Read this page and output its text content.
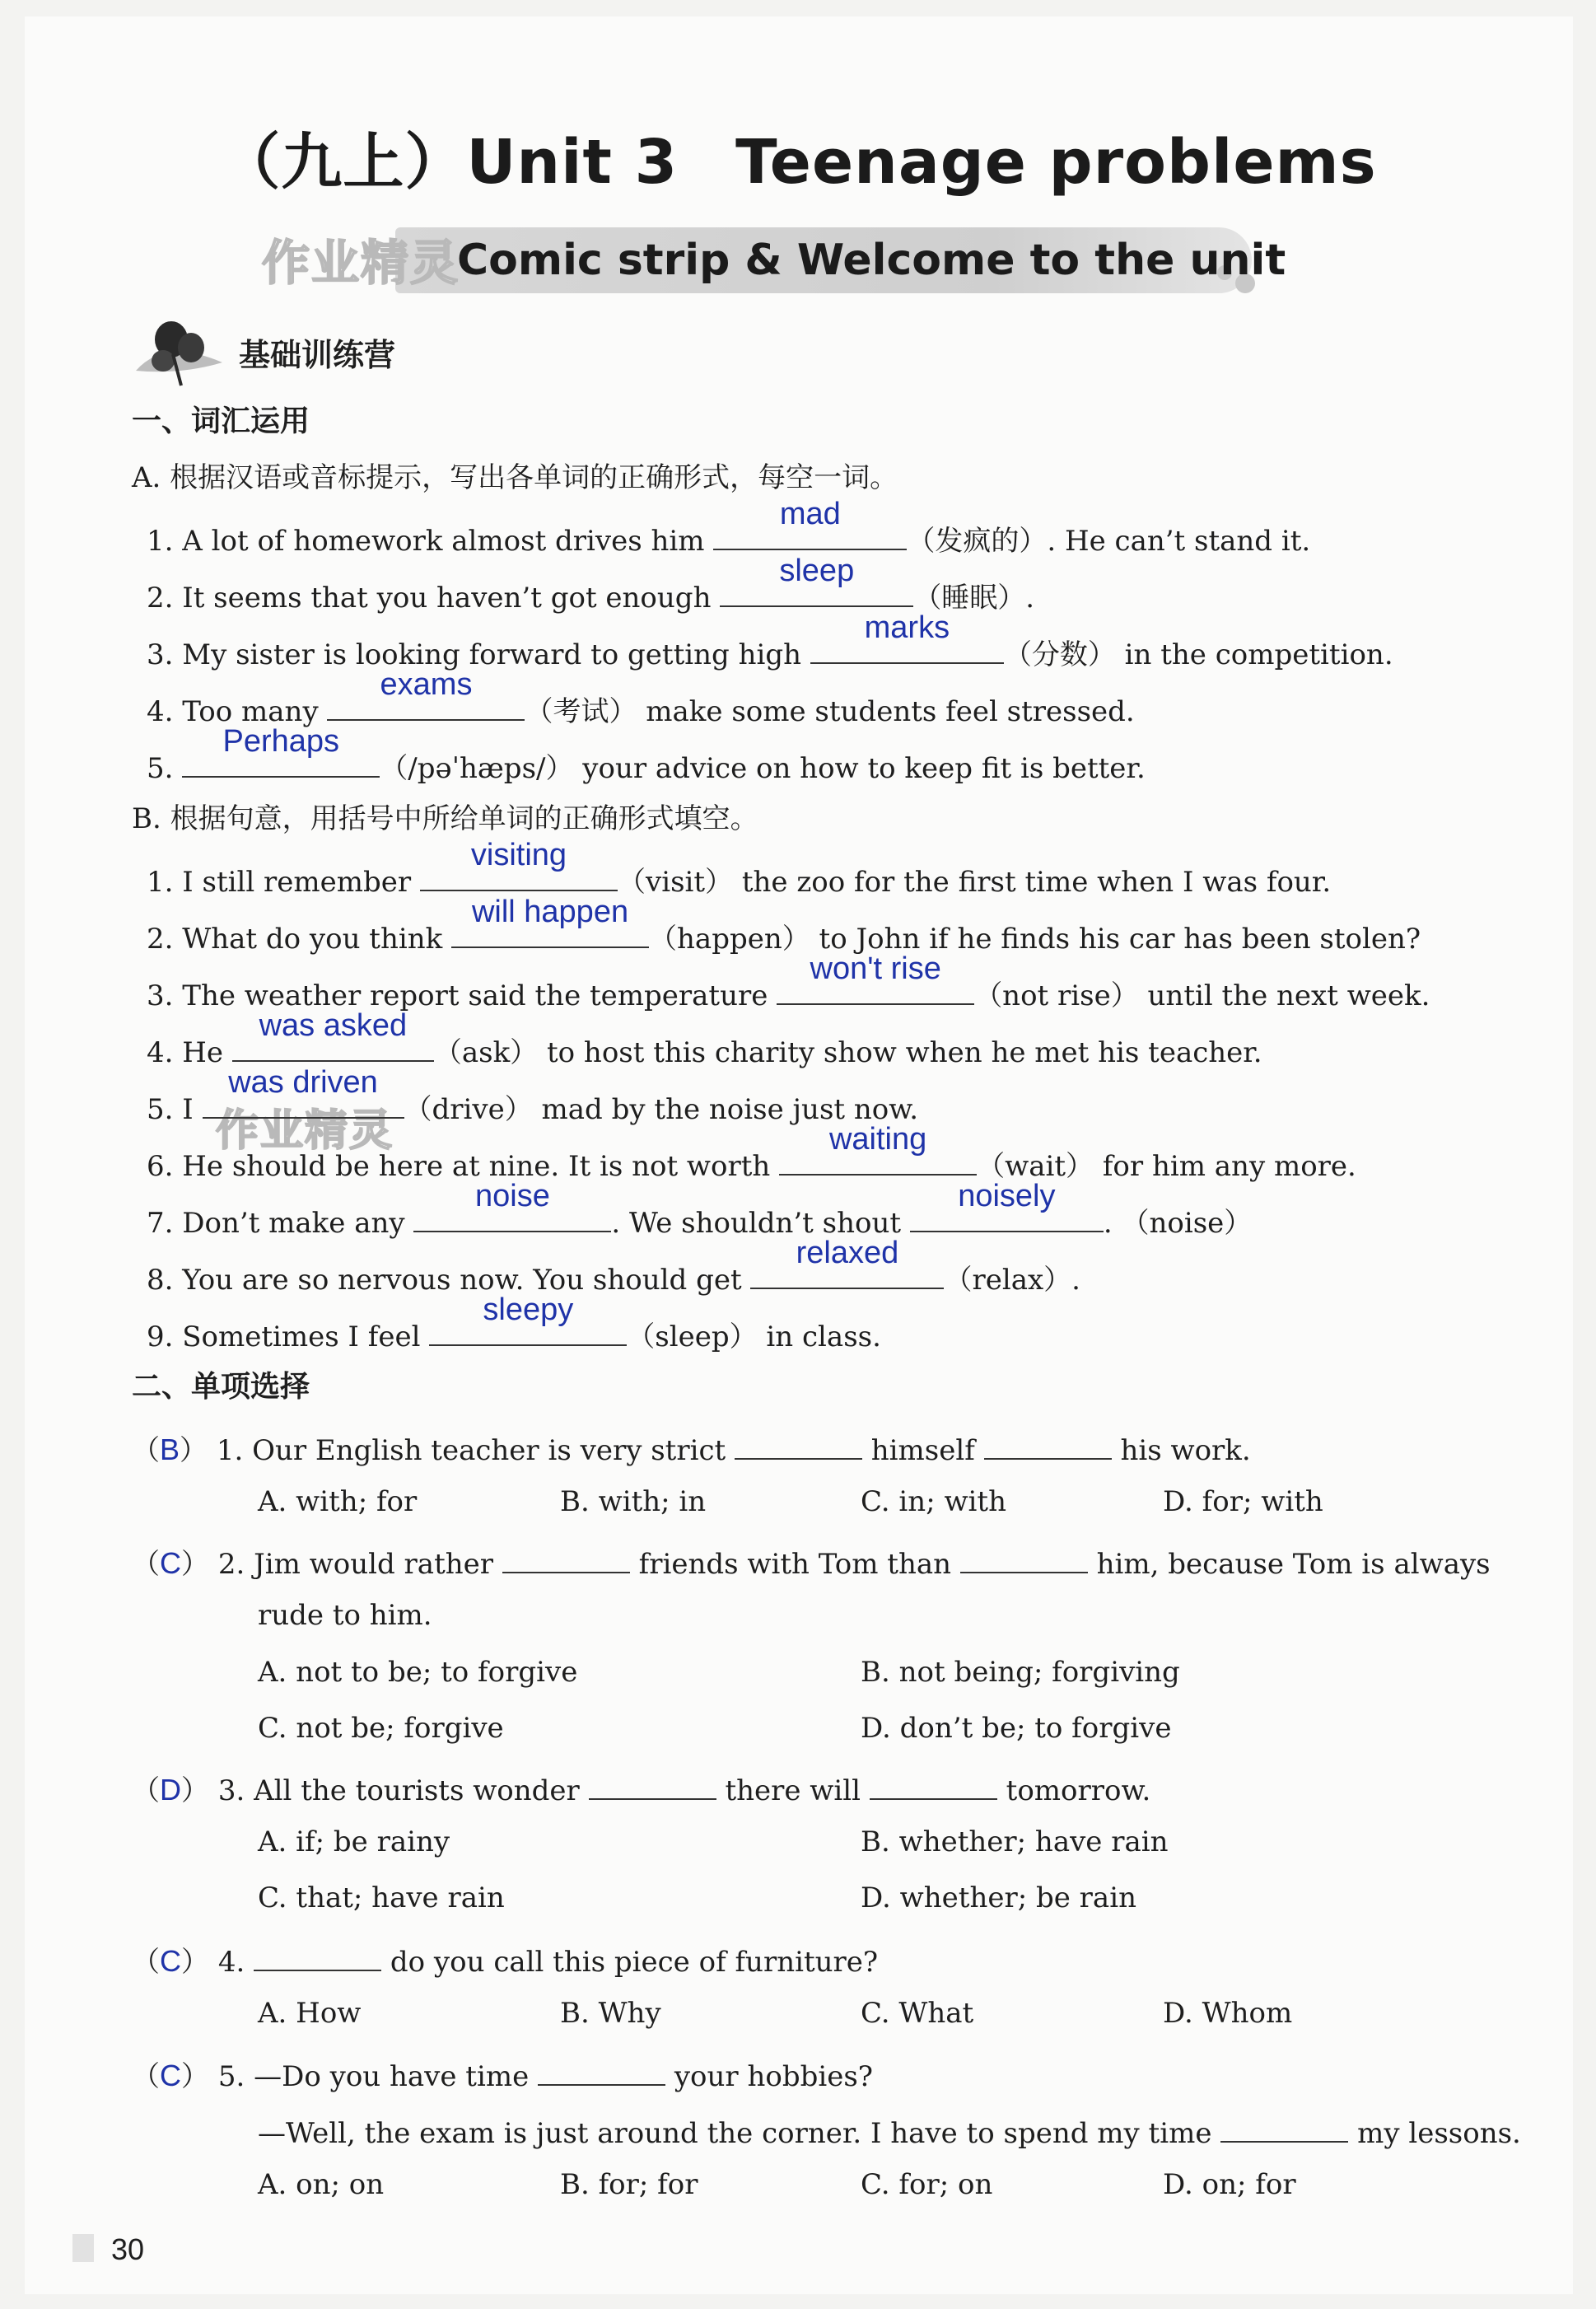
（九上）Unit 3 Teenage problems
Comic strip & Welcome to the unit
作业精灵
作业精灵
基础训练营
一、词汇运用
A. 根据汉语或音标提示，写出各单词的正确形式，每空一词。
1. A lot of homework almost drives him
mad
（发疯的）. He can’t stand it.
2. It seems that you haven’t got enough
sleep
（睡眠）.
3. My sister is looking forward to getting high
marks
（分数） in the competition.
4. Too many
exams
（考试） make some students feel stressed.
5.
Perhaps
（/pəˈhæps/） your advice on how to keep fit is better.
B. 根据句意，用括号中所给单词的正确形式填空。
1. I still remember
visiting
（visit） the zoo for the first time when I was four.
2. What do you think
will happen
（happen） to John if he finds his car has been stolen?
3. The weather report said the temperature
won't rise
（not rise） until the next week.
4. He
was asked
（ask） to host this charity show when he met his teacher.
5. I
was driven
（drive） mad by the noise just now.
6. He should be here at nine. It is not worth
waiting
（wait） for him any more.
7. Don’t make any
noise
. We shouldn’t shout
noisely
. （noise）
8. You are so nervous now. You should get
relaxed
（relax）.
9. Sometimes I feel
sleepy
（sleep） in class.
二、单项选择
（B） 1. Our English teacher is very strict	himself	his work.
A. with; for	B. with; in	C. in; with	D. for; with
（C） 2. Jim would rather	friends with Tom than	him, because Tom is always
rude to him.
A. not to be; to forgive	B. not being; forgiving
C. not be; forgive	D. don’t be; to forgive
（D） 3. All the tourists wonder	there will	tomorrow.
A. if; be rainy	B. whether; have rain
C. that; have rain	D. whether; be rain
（C） 4.	do you call this piece of furniture?
A. How	B. Why	C. What	D. Whom
（C） 5. —Do you have time	your hobbies?
—Well, the exam is just around the corner. I have to spend my time	my lessons.
A. on; on	B. for; for	C. for; on	D. on; for
30
